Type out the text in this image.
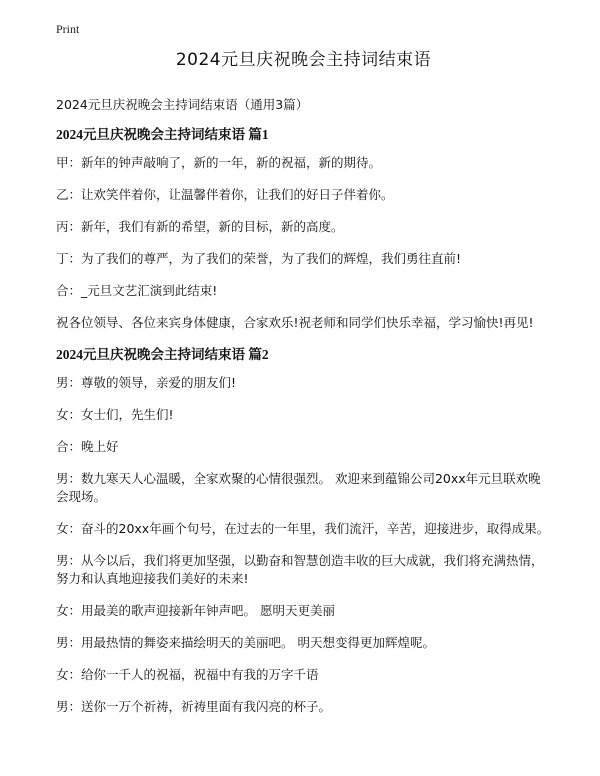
Print
2024元旦庆祝晚会主持词结束语

2024元旦庆祝晚会主持词结束语（通用3篇）

2024元旦庆祝晚会主持词结束语 篇1

甲：新年的钟声敲响了，新的一年，新的祝福，新的期待。

乙：让欢笑伴着你，让温馨伴着你，让我们的好日子伴着你。

丙：新年，我们有新的希望，新的目标，新的高度。

丁：为了我们的尊严，为了我们的荣誉，为了我们的辉煌，我们勇往直前!

合：_元旦文艺汇演到此结束!

祝各位领导、各位来宾身体健康，合家欢乐!祝老师和同学们快乐幸福，学习愉快!再见!

2024元旦庆祝晚会主持词结束语 篇2

男：尊敬的领导，亲爱的朋友们!

女：女士们，先生们!

合：晚上好

男：数九寒天人心温暖，全家欢聚的心情很强烈。 欢迎来到蕴锦公司20xx年元旦联欢晚会现场。

女：奋斗的20xx年画个句号，在过去的一年里，我们流汗，辛苦，迎接进步，取得成果。

男：从今以后，我们将更加坚强，以勤奋和智慧创造丰收的巨大成就，我们将充满热情，努力和认真地迎接我们美好的未来!

女：用最美的歌声迎接新年钟声吧。 愿明天更美丽

男：用最热情的舞姿来描绘明天的美丽吧。 明天想变得更加辉煌呢。

女：给你一千人的祝福，祝福中有我的万字千语

男：送你一万个祈祷，祈祷里面有我闪亮的杯子。
